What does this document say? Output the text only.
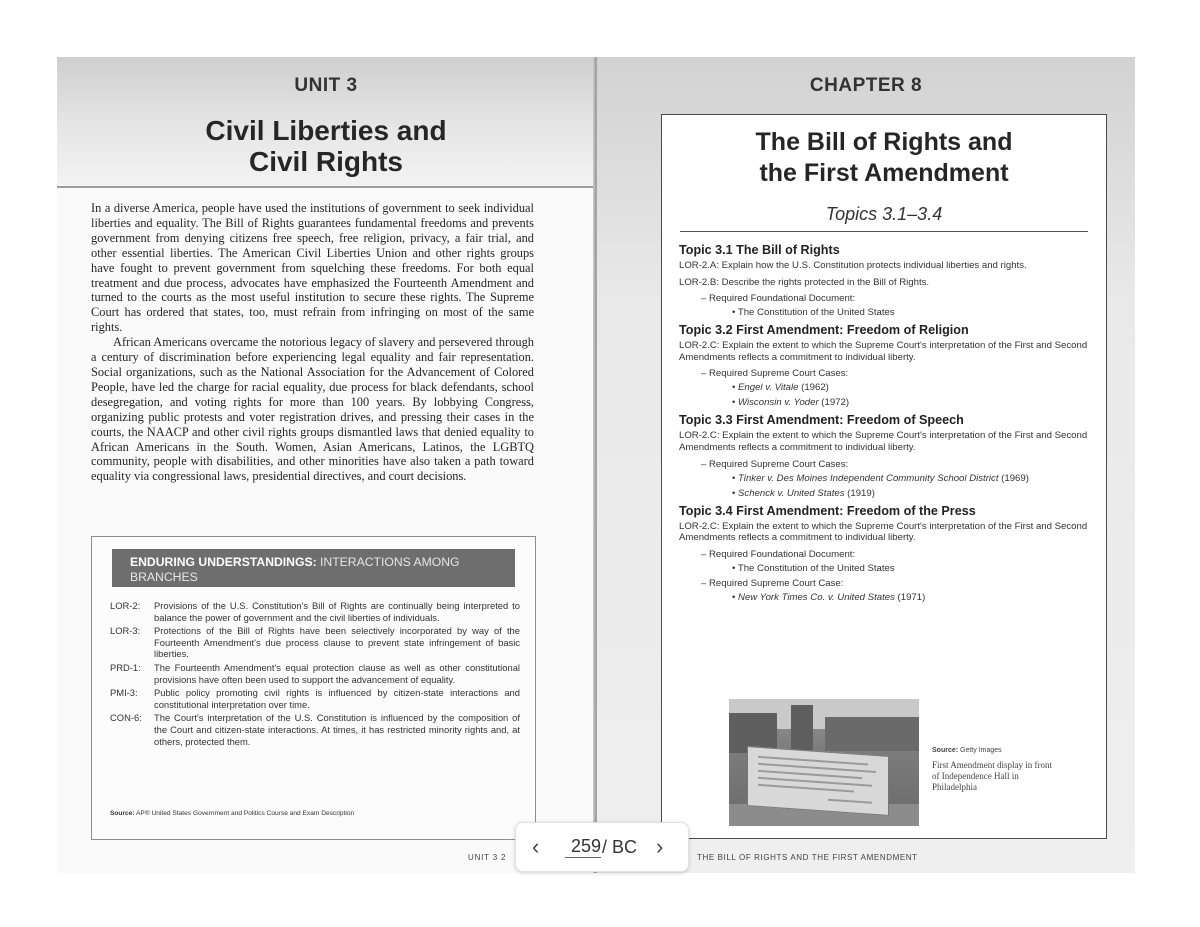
UNIT 3
Civil Liberties and
Civil Rights

In a diverse America, people have used the institutions of government to seek individual liberties and equality. The Bill of Rights guarantees fundamental freedoms and prevents government from denying citizens free speech, free religion, privacy, a fair trial, and other essential liberties. The American Civil Liberties Union and other rights groups have fought to prevent government from squelching these freedoms. For both equal treatment and due process, advocates have emphasized the Fourteenth Amendment and turned to the courts as the most useful institution to secure these rights. The Supreme Court has ordered that states, too, must refrain from infringing on most of the same rights.

African Americans overcame the notorious legacy of slavery and persevered through a century of discrimination before experiencing legal equality and fair representation. Social organizations, such as the National Association for the Advancement of Colored People, have led the charge for racial equality, due process for black defendants, school desegregation, and voting rights for more than 100 years. By lobbying Congress, organizing public protests and voter registration drives, and pressing their cases in the courts, the NAACP and other civil rights groups dismantled laws that denied equality to African Americans in the South. Women, Asian Americans, Latinos, the LGBTQ community, people with disabilities, and other minorities have also taken a path toward equality via congressional laws, presidential directives, and court decisions.

ENDURING UNDERSTANDINGS: INTERACTIONS AMONG BRANCHES
LOR-2:	Provisions of the U.S. Constitution's Bill of Rights are continually being interpreted to balance the power of government and the civil liberties of individuals.
LOR-3:	Protections of the Bill of Rights have been selectively incorporated by way of the Fourteenth Amendment's due process clause to prevent state infringement of basic liberties.
PRD-1:	The Fourteenth Amendment's equal protection clause as well as other constitutional provisions have often been used to support the advancement of equality.
PMI-3:	Public policy promoting civil rights is influenced by citizen-state interactions and constitutional interpretation over time.
CON-6:	The Court's interpretation of the U.S. Constitution is influenced by the composition of the Court and citizen-state interactions. At times, it has restricted minority rights and, at others, protected them.
Source: AP® United States Government and Politics Course and Exam Description
UNIT 3 2
CHAPTER 8
The Bill of Rights and
the First Amendment
Topics 3.1–3.4
Topic 3.1 The Bill of Rights
LOR-2.A: Explain how the U.S. Constitution protects individual liberties and rights.
LOR-2.B: Describe the rights protected in the Bill of Rights.
– Required Foundational Document:
• The Constitution of the United States
Topic 3.2 First Amendment: Freedom of Religion
LOR-2.C: Explain the extent to which the Supreme Court's interpretation of the First and Second Amendments reflects a commitment to individual liberty.
– Required Supreme Court Cases:
• Engel v. Vitale (1962)
• Wisconsin v. Yoder (1972)
Topic 3.3 First Amendment: Freedom of Speech
LOR-2.C: Explain the extent to which the Supreme Court's interpretation of the First and Second Amendments reflects a commitment to individual liberty.
– Required Supreme Court Cases:
• Tinker v. Des Moines Independent Community School District (1969)
• Schenck v. United States (1919)
Topic 3.4 First Amendment: Freedom of the Press
LOR-2.C: Explain the extent to which the Supreme Court's interpretation of the First and Second Amendments reflects a commitment to individual liberty.
– Required Foundational Document:
• The Constitution of the United States
– Required Supreme Court Case:
• New York Times Co. v. United States (1971)
Source: Getty Images
First Amendment display in front of Independence Hall in Philadelphia
THE BILL OF RIGHTS AND THE FIRST AMENDMENT
‹
259	/ BC ›
